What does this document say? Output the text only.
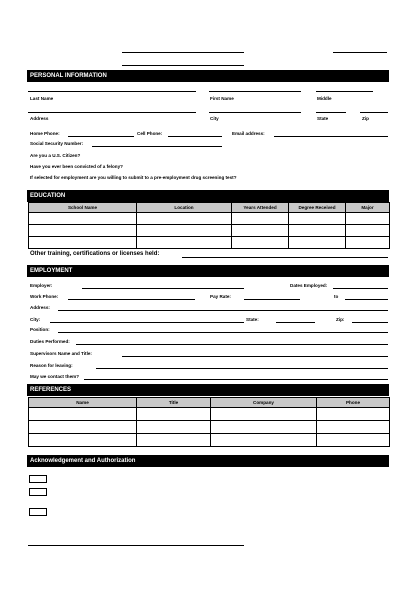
PERSONAL INFORMATION
Last Name	First Name	Middle
Address	City	State	Zip
Home Phone:	Cell Phone:	Email address:
Social Security Number:
Are you a U.S. Citizen?
Have you ever been convicted of a felony?
If selected for employment are you willing to submit to a pre-employment drug screening test?
EDUCATION
School Name	Location	Years Attended	Degree Received	Major

Other training, certifications or licenses held:
EMPLOYMENT
Employer:	Dates Employed:
Work Phone:	Pay Rate:	to
Address:
City:	State:	Zip:
Position:
Duties Performed:
Supervisors Name and Title:
Reason for leaving:
May we contact them?
REFERENCES
Name	Title	Company	Phone

Acknowledgement and Authorization
